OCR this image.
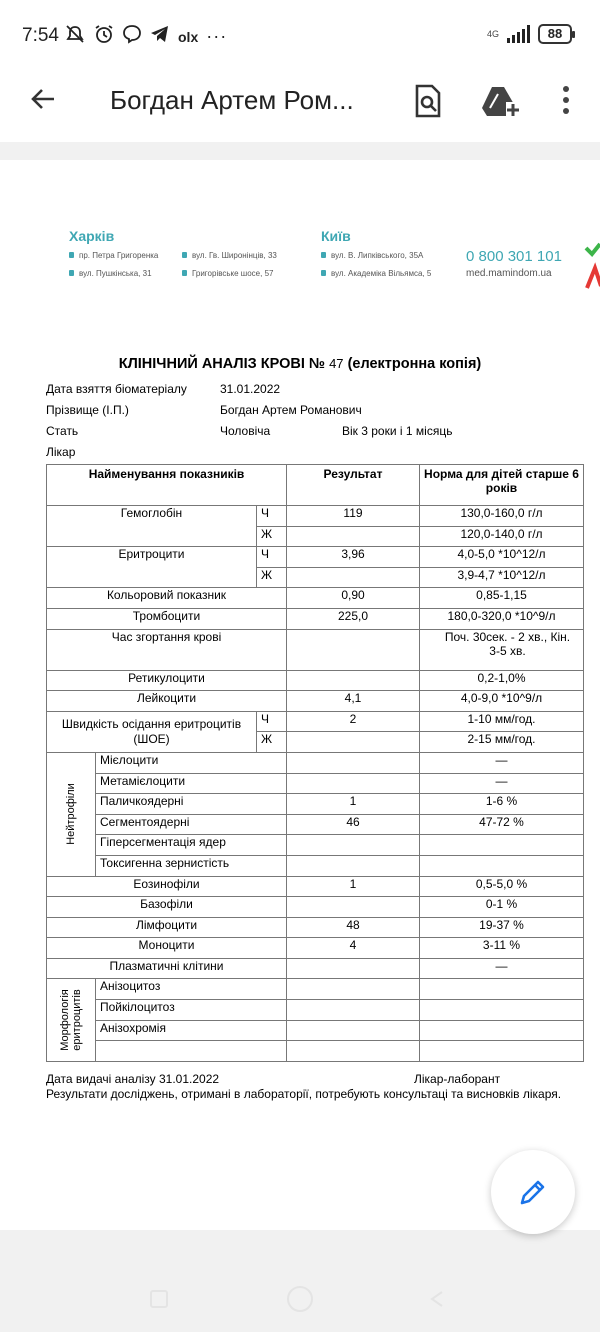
7:54	olx ···	4G	88
Богдан Артем Ром...
Харків	Київ
пр. Петра Григоренка	вул. Гв. Широнінців, 33
вул. Пушкінська, 31	Григорівське шосе, 57
вул. В. Липківського, 35А
вул. Академіка Вільямса, 5
0 800 301 101
med.mamindom.ua
КЛІНІЧНИЙ АНАЛІЗ КРОВІ № 47 (електронна копія)
Дата взяття біоматеріалу	31.01.2022
Прізвище (І.П.)	Богдан Артем Романович
Стать	Чоловіча	Вік 3 роки і 1 місяць
Лікар
Найменування показників			Результат	Норма для дітей старше 6 років
Гемоглобін		Ч	119	130,0-160,0 г/л
		Ж		120,0-140,0 г/л
Еритроцити		Ч	3,96	4,0-5,0 *10^12/л
		Ж		3,9-4,7 *10^12/л
Кольоровий показник			0,90	0,85-1,15
Тромбоцити			225,0	180,0-320,0 *10^9/л
Час згортання крові				Поч. 30сек. - 2 хв., Кін. 3-5 хв.
Ретикулоцити				0,2-1,0%
Лейкоцити			4,1	4,0-9,0 *10^9/л
Швидкість осідання еритроцитів (ШОЕ)		Ч	2	1-10 мм/год.
		Ж		2-15 мм/год.

Нейтрофіли	Мієлоцити			—
	Метамієлоцити			—
	Паличкоядерні		1	1-6 %
	Сегментоядерні		46	47-72 %
	Гіперсегментація ядер			
	Токсигенна зернистість			
Еозинофіли			1	0,5-5,0 %
Базофіли				0-1 %
Лімфоцити			48	19-37 %
Моноцити			4	3-11 %
Плазматичні клітини				—

Морфологія еритроцитів	Анізоцитоз			
	Пойкілоцитоз			
	Анізохромія			

Дата видачі аналізу 31.01.2022	Лікар-лаборант
Результати досліджень, отримані в лабораторії, потребують консультаці та висновків лікаря.
